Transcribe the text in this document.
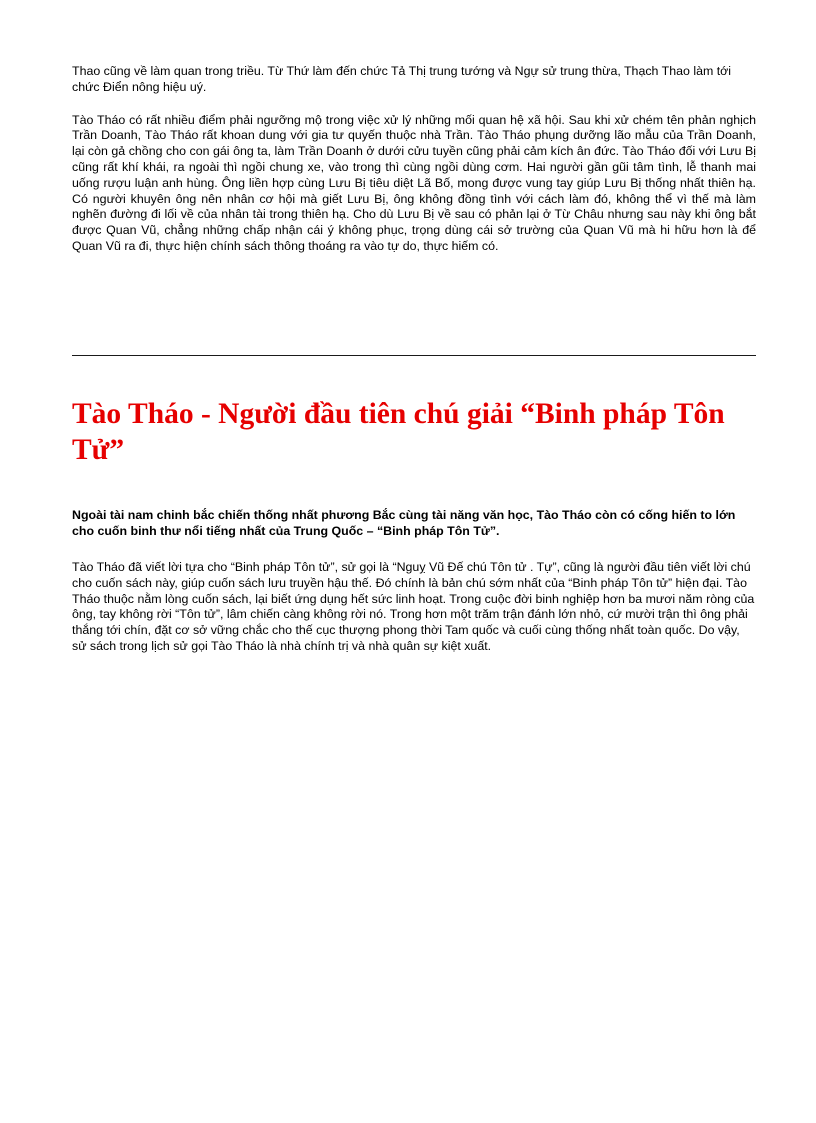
Thao cũng về làm quan trong triều. Từ Thứ làm đến chức Tả Thị trung tướng và Ngự sử trung thừa, Thạch Thao làm tới chức Điển nông hiệu uý.

Tào Tháo có rất nhiều điểm phải ngưỡng mộ trong việc xử lý những mối quan hệ xã hội. Sau khi xử chém tên phản nghịch Trần Doanh, Tào Tháo rất khoan dung với gia tư quyến thuộc nhà Trần. Tào Tháo phụng dưỡng lão mẫu của Trần Doanh, lại còn gả chồng cho con gái ông ta, làm Trần Doanh ở dưới cửu tuyền cũng phải cảm kích ân đức. Tào Tháo đối với Lưu Bị cũng rất khí khái, ra ngoài thì ngồi chung xe, vào trong thì cùng ngồi dùng cơm. Hai người gần gũi tâm tình, lễ thanh mai uống rượu luận anh hùng. Ông liền hợp cùng Lưu Bị tiêu diệt Lã Bố, mong được vung tay giúp Lưu Bị thống nhất thiên hạ. Có người khuyên ông nên nhân cơ hội mà giết Lưu Bị, ông không đồng tình với cách làm đó, không thể vì thế mà làm nghẽn đường đi lối về của nhân tài trong thiên hạ. Cho dù Lưu Bị về sau có phản lại ở Từ Châu nhưng sau này khi ông bắt được Quan Vũ, chẳng những chấp nhận cái ý không phục, trọng dùng cái sở trường của Quan Vũ mà hi hữu hơn là để Quan Vũ ra đi, thực hiện chính sách thông thoáng ra vào tự do, thực hiếm có.

Tào Tháo - Người đầu tiên chú giải “Binh pháp Tôn Tử”

Ngoài tài nam chinh bắc chiến thống nhất phương Bắc cùng tài năng văn học, Tào Tháo còn có cống hiến to lớn cho cuốn binh thư nổi tiếng nhất của Trung Quốc – “Binh pháp Tôn Tử”.

Tào Tháo đã viết lời tựa cho “Binh pháp Tôn tử”, sử gọi là “Nguỵ Vũ Đế chú Tôn tử . Tự”, cũng là người đầu tiên viết lời chú cho cuốn sách này, giúp cuốn sách lưu truyền hậu thế. Đó chính là bản chú sớm nhất của “Binh pháp Tôn tử” hiện đại. Tào Tháo thuộc nằm lòng cuốn sách, lại biết ứng dụng hết sức linh hoạt. Trong cuộc đời binh nghiệp hơn ba mươi năm ròng của ông, tay không rời “Tôn tử”, lâm chiến càng không rời nó. Trong hơn một trăm trận đánh lớn nhỏ, cứ mười trận thì ông phải thắng tới chín, đặt cơ sở vững chắc cho thế cục thượng phong thời Tam quốc và cuối cùng thống nhất toàn quốc. Do vậy, sử sách trong lịch sử gọi Tào Tháo là nhà chính trị và nhà quân sự kiệt xuất.
